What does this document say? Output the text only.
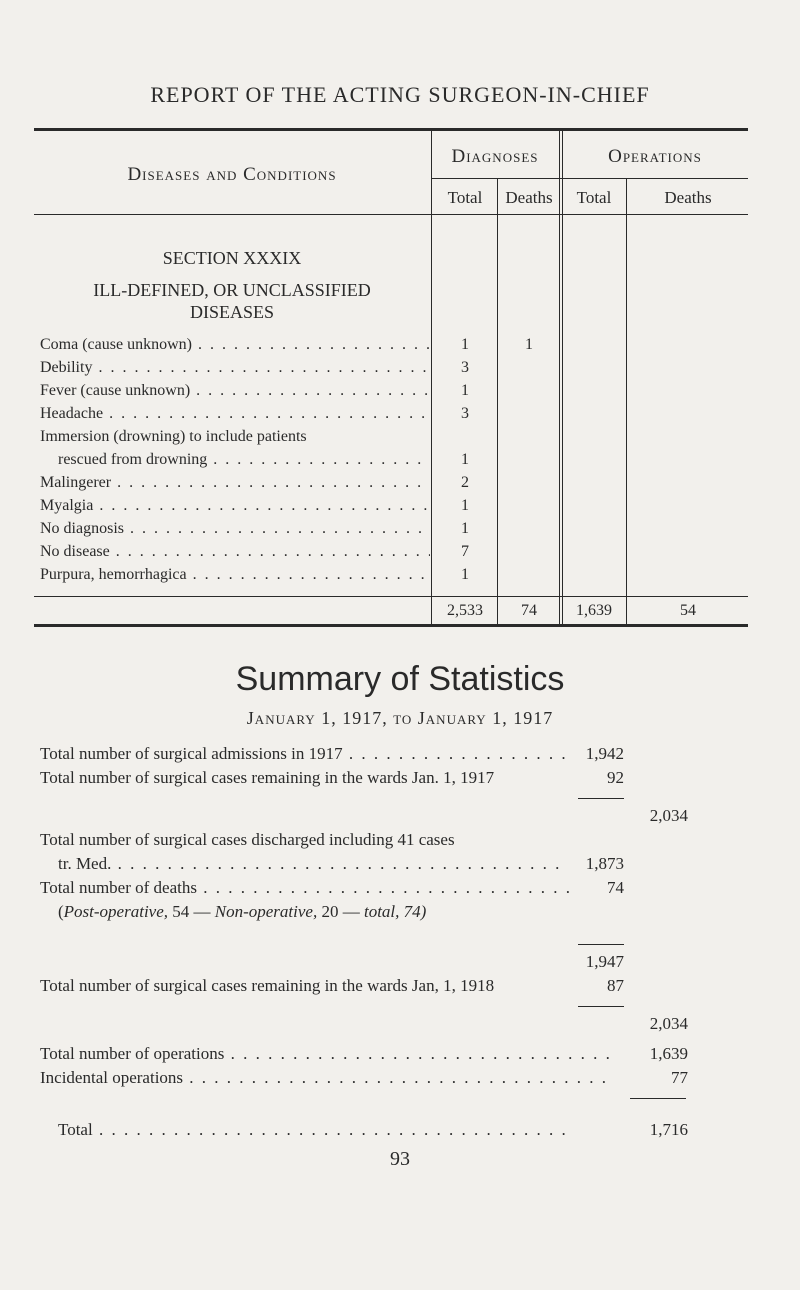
REPORT OF THE ACTING SURGEON-IN-CHIEF
Diseases and Conditions
Diagnoses	Operations
Total	Deaths	Total	Deaths
SECTION XXXIX
ILL-DEFINED, OR UNCLASSIFIED
DISEASES
Coma (cause unknown) . . .	1	1
Debility . . .	3
Fever (cause unknown) . . .	1
Headache . . .	3
Immersion (drowning) to include patients
rescued from drowning . . .	1
Malingerer . . .	2
Myalgia . . .	1
No diagnosis . . .	1
No disease . . .	7
Purpura, hemorrhagica . . .	1
2,533	74	1,639	54
Summary of Statistics
January 1, 1917, to January 1, 1917
Total number of surgical admissions in 1917 . . .	1,942
Total number of surgical cases remaining in the wards Jan. 1, 1917	92
2,034
Total number of surgical cases discharged including 41 cases
tr. Med. . . .	1,873
Total number of deaths . . .	74
(Post-operative, 54 — Non-operative, 20 — total, 74)
1,947
Total number of surgical cases remaining in the wards Jan, 1, 1918	87
2,034
Total number of operations . . .	1,639
Incidental operations . . .	77
Total . . .	1,716
93
